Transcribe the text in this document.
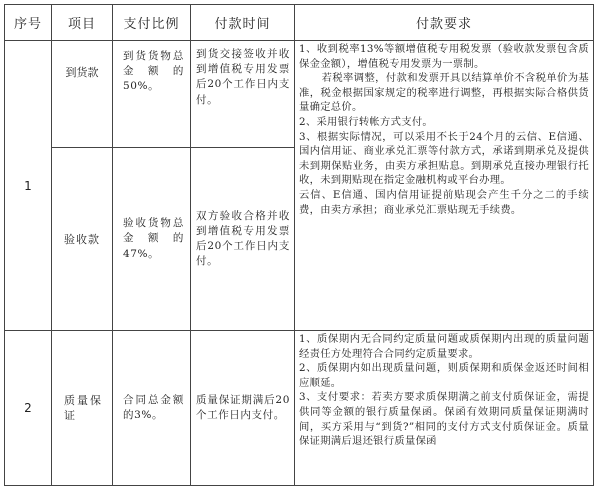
序号	项目	支付比例	付款时间	付款要求
1	到货款	到货货物总金额的50%。	到货交接签收并收到增值税专用发票后20个工作日内支付。	1、收到税率13%等额增值税专用税发票（验收款发票包含质保金金额），增值税专用发票为一票制。

若税率调整，付款和发票开具以结算单价不含税单价为基准，税金根据国家规定的税率进行调整，再根据实际合格供货量确定总价。

2、采用银行转帐方式支付。

3、根据实际情况，可以采用不长于24个月的云信、E信通、国内信用证、商业承兑汇票等付款方式，承诺到期承兑及提供未到期保贴业务，由卖方承担贴息。到期承兑直接办理银行托收，未到期贴现在指定金融机构或平台办理。

云信、E信通、国内信用证提前贴现会产生千分之二的手续费，由卖方承担；商业承兑汇票贴现无手续费。

	验收款	验收货物总金额的47%。	双方验收合格并收到增值税专用发票后20个工作日内支付。	
2	质量保证	合同总金额的3%。	质量保证期满后20个工作日内支付。	1、质保期内无合同约定质量问题或质保期内出现的质量问题经责任方处理符合合同约定质量要求。

2、质保期内如出现质量问题，则质保期和质保金返还时间相应顺延。

3、支付要求：若卖方要求质保期满之前支付质保证金，需提供同等金额的银行质量保函。保函有效期同质量保证期满时间，买方采用与“到货?”相同的支付方式支付质保证金。质量保证期满后退还银行质量保函
